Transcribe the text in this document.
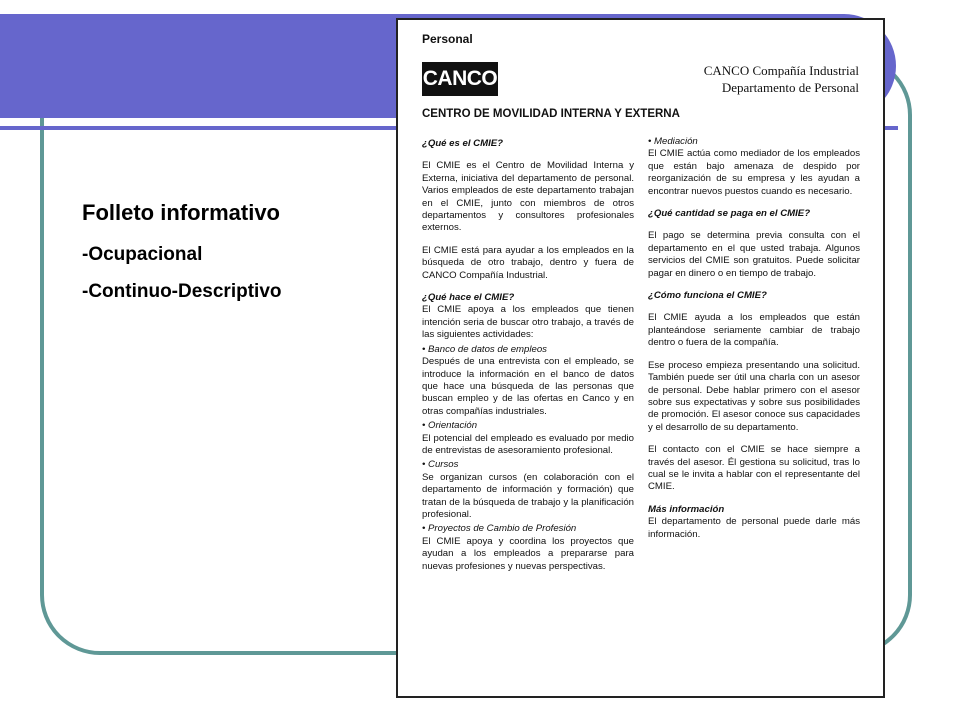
Folleto informativo
-Ocupacional
-Continuo-Descriptivo
Personal
CANCO	CANCO Compañía Industrial
Departamento de Personal
CENTRO DE MOVILIDAD INTERNA Y EXTERNA
¿Qué es el CMIE?
El CMIE es el Centro de Movilidad Interna y Externa, iniciativa del departamento de personal. Varios empleados de este departamento trabajan en el CMIE, junto con miembros de otros departamentos y consultores profesionales externos.
El CMIE está para ayudar a los empleados en la búsqueda de otro trabajo, dentro y fuera de CANCO Compañía Industrial.
¿Qué hace el CMIE?
El CMIE apoya a los empleados que tienen intención seria de buscar otro trabajo, a través de las siguientes actividades:
• Banco de datos de empleos
Después de una entrevista con el empleado, se introduce la información en el banco de datos que hace una búsqueda de las personas que buscan empleo y de las ofertas en Canco y en otras compañías industriales.
• Orientación
El potencial del empleado es evaluado por medio de entrevistas de asesoramiento profesional.
• Cursos
Se organizan cursos (en colaboración con el departamento de información y formación) que tratan de la búsqueda de trabajo y la planificación profesional.
• Proyectos de Cambio de Profesión
El CMIE apoya y coordina los proyectos que ayudan a los empleados a prepararse para nuevas profesiones y nuevas perspectivas.
• Mediación
El CMIE actúa como mediador de los empleados que están bajo amenaza de despido por reorganización de su empresa y les ayudan a encontrar nuevos puestos cuando es necesario.
¿Qué cantidad se paga en el CMIE?
El pago se determina previa consulta con el departamento en el que usted trabaja. Algunos servicios del CMIE son gratuitos. Puede solicitar pagar en dinero o en tiempo de trabajo.
¿Cómo funciona el CMIE?
El CMIE ayuda a los empleados que están planteándose seriamente cambiar de trabajo dentro o fuera de la compañía.
Ese proceso empieza presentando una solicitud. También puede ser útil una charla con un asesor de personal. Debe hablar primero con el asesor sobre sus expectativas y sobre sus posibilidades de promoción. El asesor conoce sus capacidades y el desarrollo de su departamento.
El contacto con el CMIE se hace siempre a través del asesor. Él gestiona su solicitud, tras lo cual se le invita a hablar con el representante del CMIE.
Más información
El departamento de personal puede darle más información.
